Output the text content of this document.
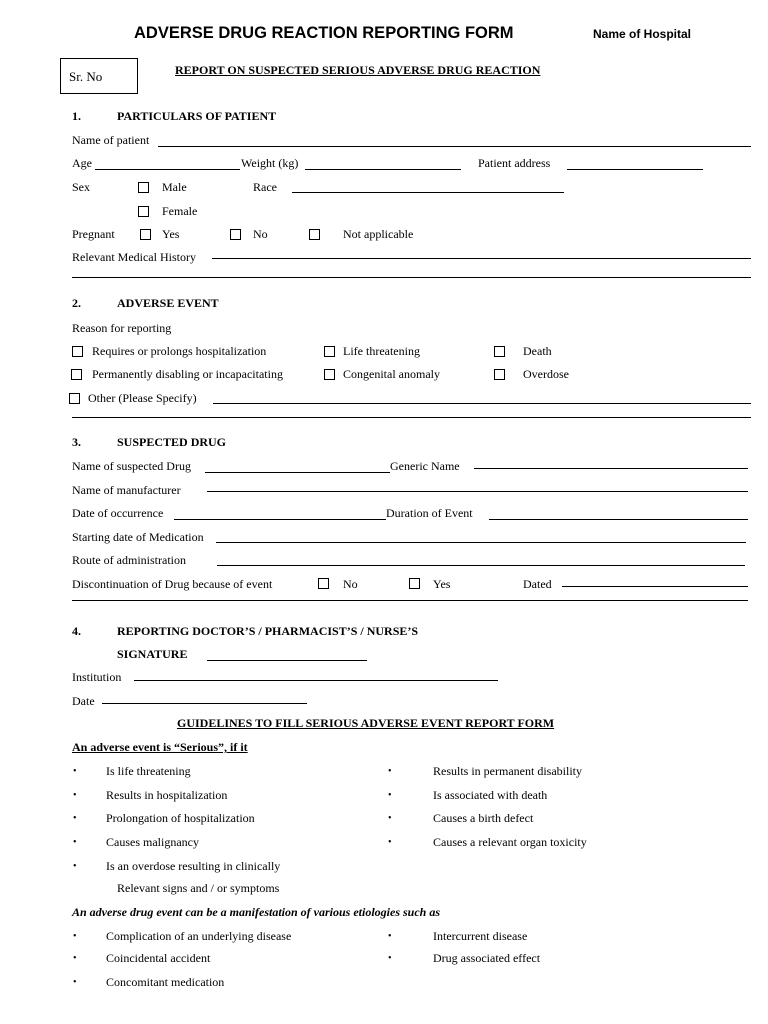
ADVERSE DRUG REACTION REPORTING FORM	Name of Hospital
Sr. No	REPORT ON SUSPECTED SERIOUS ADVERSE DRUG REACTION
1.	PARTICULARS OF PATIENT
Name of patient
Age	Weight (kg)	Patient address
Sex	Male	Race
Female
Pregnant	Yes	No	Not applicable
Relevant Medical History
2.	ADVERSE EVENT
Reason for reporting
Requires or prolongs hospitalization	Life threatening	Death
Permanently disabling or incapacitating	Congenital anomaly	Overdose
Other (Please Specify)
3.	SUSPECTED DRUG
Name of suspected Drug	Generic Name
Name of manufacturer
Date of occurrence	Duration of Event
Starting date of Medication
Route of administration
Discontinuation of Drug because of event	No	Yes	Dated
4.	REPORTING DOCTOR’S / PHARMACIST’S / NURSE’S
SIGNATURE
Institution
Date
GUIDELINES TO FILL SERIOUS ADVERSE EVENT REPORT FORM
An adverse event is “Serious”, if it
• Is life threatening	•	Results in permanent disability
• Results in hospitalization	•	Is associated with death
• Prolongation of hospitalization	•	Causes a birth defect
• Causes malignancy	•	Causes a relevant organ toxicity
• Is an overdose resulting in clinically
Relevant signs and / or symptoms
An adverse drug event can be a manifestation of various etiologies such as
• Complication of an underlying disease	•	Intercurrent disease
• Coincidental accident	•	Drug associated effect
• Concomitant medication
